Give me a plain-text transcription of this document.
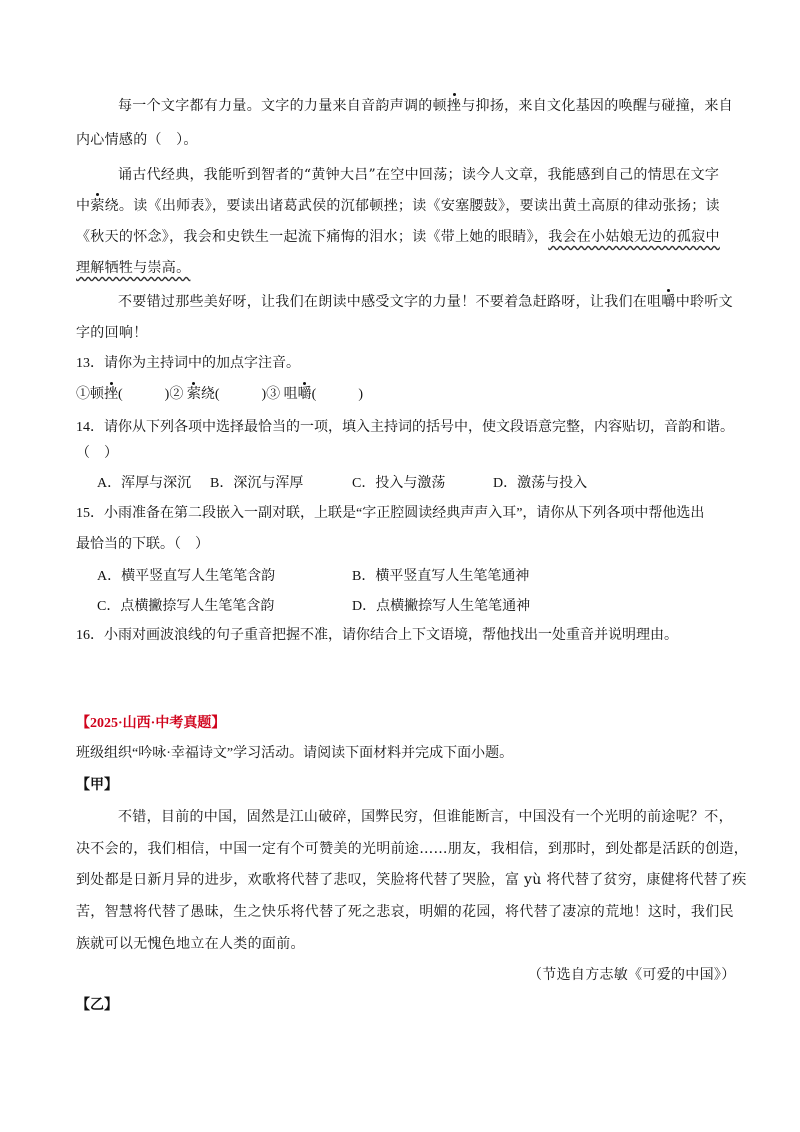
每一个文字都有力量。文字的力量来自音韵声调的顿挫与抑扬，来自文化基因的唤醒与碰撞，来自
内心情感的（　）。
诵古代经典，我能听到智者的“黄钟大吕”在空中回荡；读今人文章，我能感到自己的情思在文字
中萦绕。读《出师表》，要读出诸葛武侯的沉郁顿挫；读《安塞腰鼓》，要读出黄土高原的律动张扬；读
《秋天的怀念》，我会和史铁生一起流下痛悔的泪水；读《带上她的眼睛》，我会在小姑娘无边的孤寂中
理解牺牲与崇高。
不要错过那些美好呀，让我们在朗读中感受文字的力量！不要着急赶路呀，让我们在咀嚼中聆听文
字的回响！
13．请你为主持词中的加点字注音。
①顿挫(　　　)② 萦绕(　　　)③ 咀嚼(　　　)
14．请你从下列各项中选择最恰当的一项，填入主持词的括号中，使文段语意完整，内容贴切，音韵和谐。
（　）
A．浑厚与深沉 B．深沉与浑厚	C．投入与激荡	D．激荡与投入
15．小雨准备在第二段嵌入一副对联，上联是“字正腔圆读经典声声入耳”，请你从下列各项中帮他选出
最恰当的下联。（　）
A．横平竖直写人生笔笔含韵	B．横平竖直写人生笔笔通神
C．点横撇捺写人生笔笔含韵	D．点横撇捺写人生笔笔通神
16．小雨对画波浪线的句子重音把握不准，请你结合上下文语境，帮他找出一处重音并说明理由。
【2025·山西·中考真题】
班级组织“吟咏·幸福诗文”学习活动。请阅读下面材料并完成下面小题。
【甲】
不错，目前的中国，固然是江山破碎，国弊民穷，但谁能断言，中国没有一个光明的前途呢？不，
决不会的，我们相信，中国一定有个可赞美的光明前途……朋友，我相信，到那时，到处都是活跃的创造，
到处都是日新月异的进步，欢歌将代替了悲叹，笑脸将代替了哭脸，富 yù 将代替了贫穷，康健将代替了疾
苦，智慧将代替了愚昧，生之快乐将代替了死之悲哀，明媚的花园，将代替了凄凉的荒地！这时，我们民
族就可以无愧色地立在人类的面前。
（节选自方志敏《可爱的中国》）
【乙】
